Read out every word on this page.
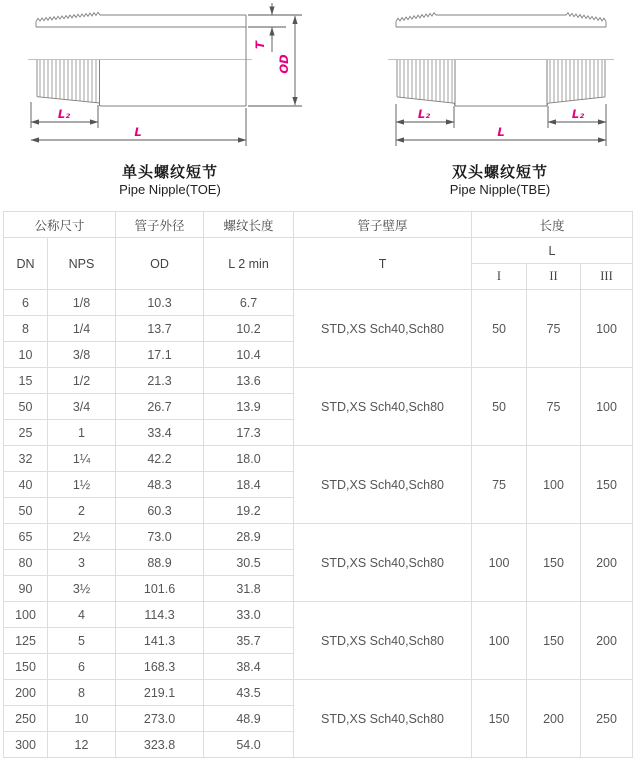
L₂
L
T
OD
L₂	L₂
L
单头螺纹短节
Pipe Nipple(TOE)
双头螺纹短节
Pipe Nipple(TBE)
公称尺寸		管子外径	螺纹长度	管子壁厚	长度		
DN	NPS	OD	L 2 min	T	L		
					I	II	III
6	1/8	10.3	6.7	STD,XS Sch40,Sch80	50	75	100
8	1/4	13.7	10.2				
10	3/8	17.1	10.4				
15	1/2	21.3	13.6	STD,XS Sch40,Sch80	50	75	100
50	3/4	26.7	13.9				
25	1	33.4	17.3				
32	1¼	42.2	18.0	STD,XS Sch40,Sch80	75	100	150
40	1½	48.3	18.4				
50	2	60.3	19.2				
65	2½	73.0	28.9	STD,XS Sch40,Sch80	100	150	200
80	3	88.9	30.5				
90	3½	101.6	31.8				
100	4	114.3	33.0	STD,XS Sch40,Sch80	100	150	200
125	5	141.3	35.7				
150	6	168.3	38.4				
200	8	219.1	43.5	STD,XS Sch40,Sch80	150	200	250
250	10	273.0	48.9				
300	12	323.8	54.0				
